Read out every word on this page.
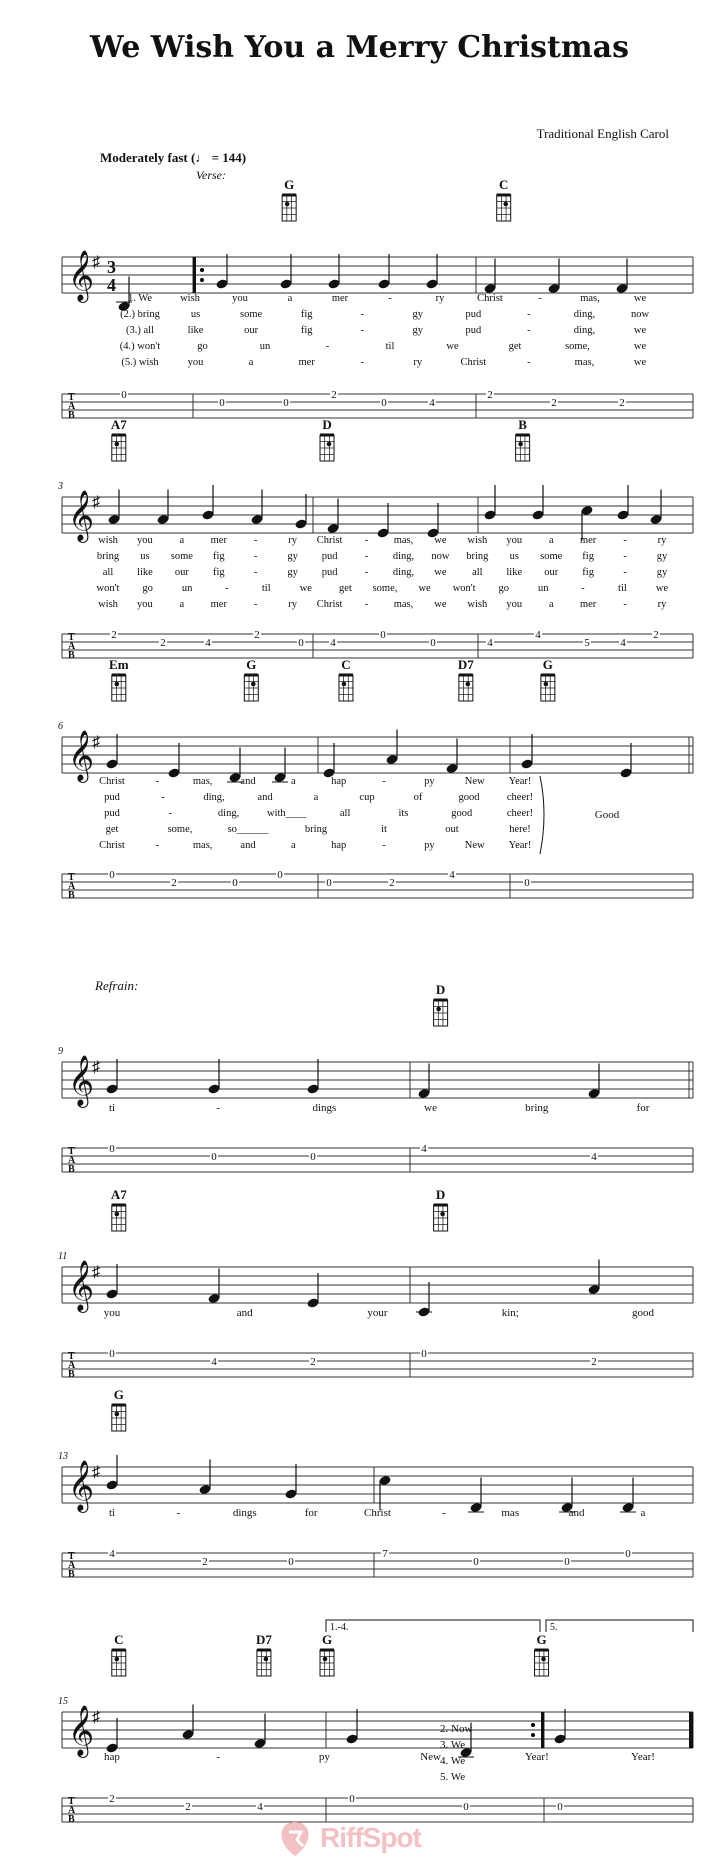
We Wish You a Merry Christmas
Traditional English Carol
Moderately fast (♩ = 144)
Verse:
Refrain:
𝄞
♯ 3
4
T
A
B
0
0	0
2
0	4
2
2	2
G	C
𝄞
♯
T
A
B
2
2	4
2
0 4
0
0	4
4
5	4
2
3
A7	D	B
𝄞
♯
T
A
B
0
2	0
0
0	2
4
0
6
Em	G	C	D7	G
Good
𝄞
♯
T
A
B
0
0	0
4
4
9
D
ti	-	dings	we	bring	for
𝄞
♯
T
A
B
0
4	2
0
2
11
A7	D
you	and	your	kin;	good
𝄞
♯
T
A
B
4
2	0
7
0	0
0
13
G
ti	-	dings	for	Christ	-	mas	and	a
𝄞
♯
T
A
B
2
2	4
0
0	0
15
C	D7	G	G
hap	-	py	New	Year!	Year!
2. Now
3. We
4. We
5. We
1.-4.	5.
1. We	wish	you	a	mer	-	ry	Christ	-	mas,	we
(2.) bring	us	some	fig	-	gy	pud	-	ding,	now
(3.) all	like	our	fig	-	gy	pud	-	ding,	we
(4.) won't	go	un	-	til	we	get	some,	we
(5.) wish	you	a	mer	-	ry	Christ	-	mas,	we
wish you	a	mer	-	ry Christ - mas, we wish you	a	mer	-	ry
bring us some fig	-	gy pud	- ding, now bring us some fig	-	gy
all like our fig	-	gy pud	- ding, we all like our fig	-	gy
won't go	un	-	til	we	get some, we won't go	un	-	til	we
wish you	a	mer	-	ry Christ - mas, we wish you	a	mer	-	ry
Christ	-	mas,	and	a	hap	-	py	New Year!
pud	-	ding,	and	a	cup	of	good	cheer!
pud	-	ding,	with____	all	its	good	cheer!
get	some,	so______	bring	it	out	here!
Christ	-	mas,	and	a	hap	-	py	New Year!
RiffSpot
